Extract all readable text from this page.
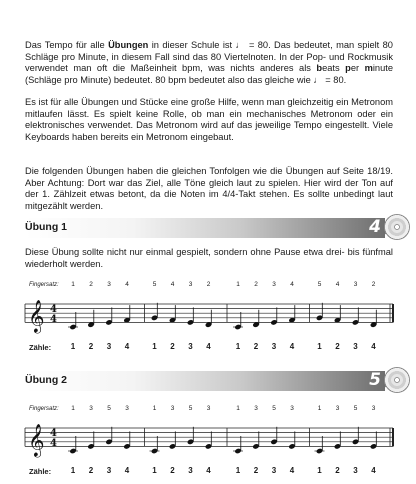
Das Tempo für alle Übungen in dieser Schule ist ♩ = 80. Das bedeutet, man spielt 80 Schläge pro Minute, in diesem Fall sind das 80 Viertelnoten. In der Pop- und Rockmusik verwendet man oft die Maßeinheit bpm, was nichts anderes als beats per minute (Schläge pro Minute) bedeutet. 80 bpm bedeutet also das gleiche wie ♩ = 80.

Es ist für alle Übungen und Stücke eine große Hilfe, wenn man gleichzeitig ein Metronom mitlaufen lässt. Es spielt keine Rolle, ob man ein mechanisches Metronom oder ein elektronisches verwendet. Das Metronom wird auf das jeweilige Tempo eingestellt. Viele Keyboards haben bereits ein Metronom eingebaut.

Die folgenden Übungen haben die gleichen Tonfolgen wie die Übungen auf Seite 18/19. Aber Achtung: Dort war das Ziel, alle Töne gleich laut zu spielen. Hier wird der Ton auf der 1. Zählzeit etwas betont, da die Noten im 4/4-Takt stehen. Es sollte unbedingt laut mitgezählt werden.

Übung 1	4

Diese Übung sollte nicht nur einmal gespielt, sondern ohne Pause etwa drei- bis fünfmal wiederholt werden.

Fingersatz: 1 2 3 4	5 4 3 2	1 2 3 4	5 4 3 2
𝄞 4
4
Zähle: 1 2 3 4	1 2 3 4	1 2 3 4	1 2 3 4
Übung 2	5
Fingersatz: 1 3 5 3	1 3 5 3	1 3 5 3	1 3 5 3
𝄞 4
4
Zähle: 1 2 3 4	1 2 3 4	1 2 3 4	1 2 3 4
